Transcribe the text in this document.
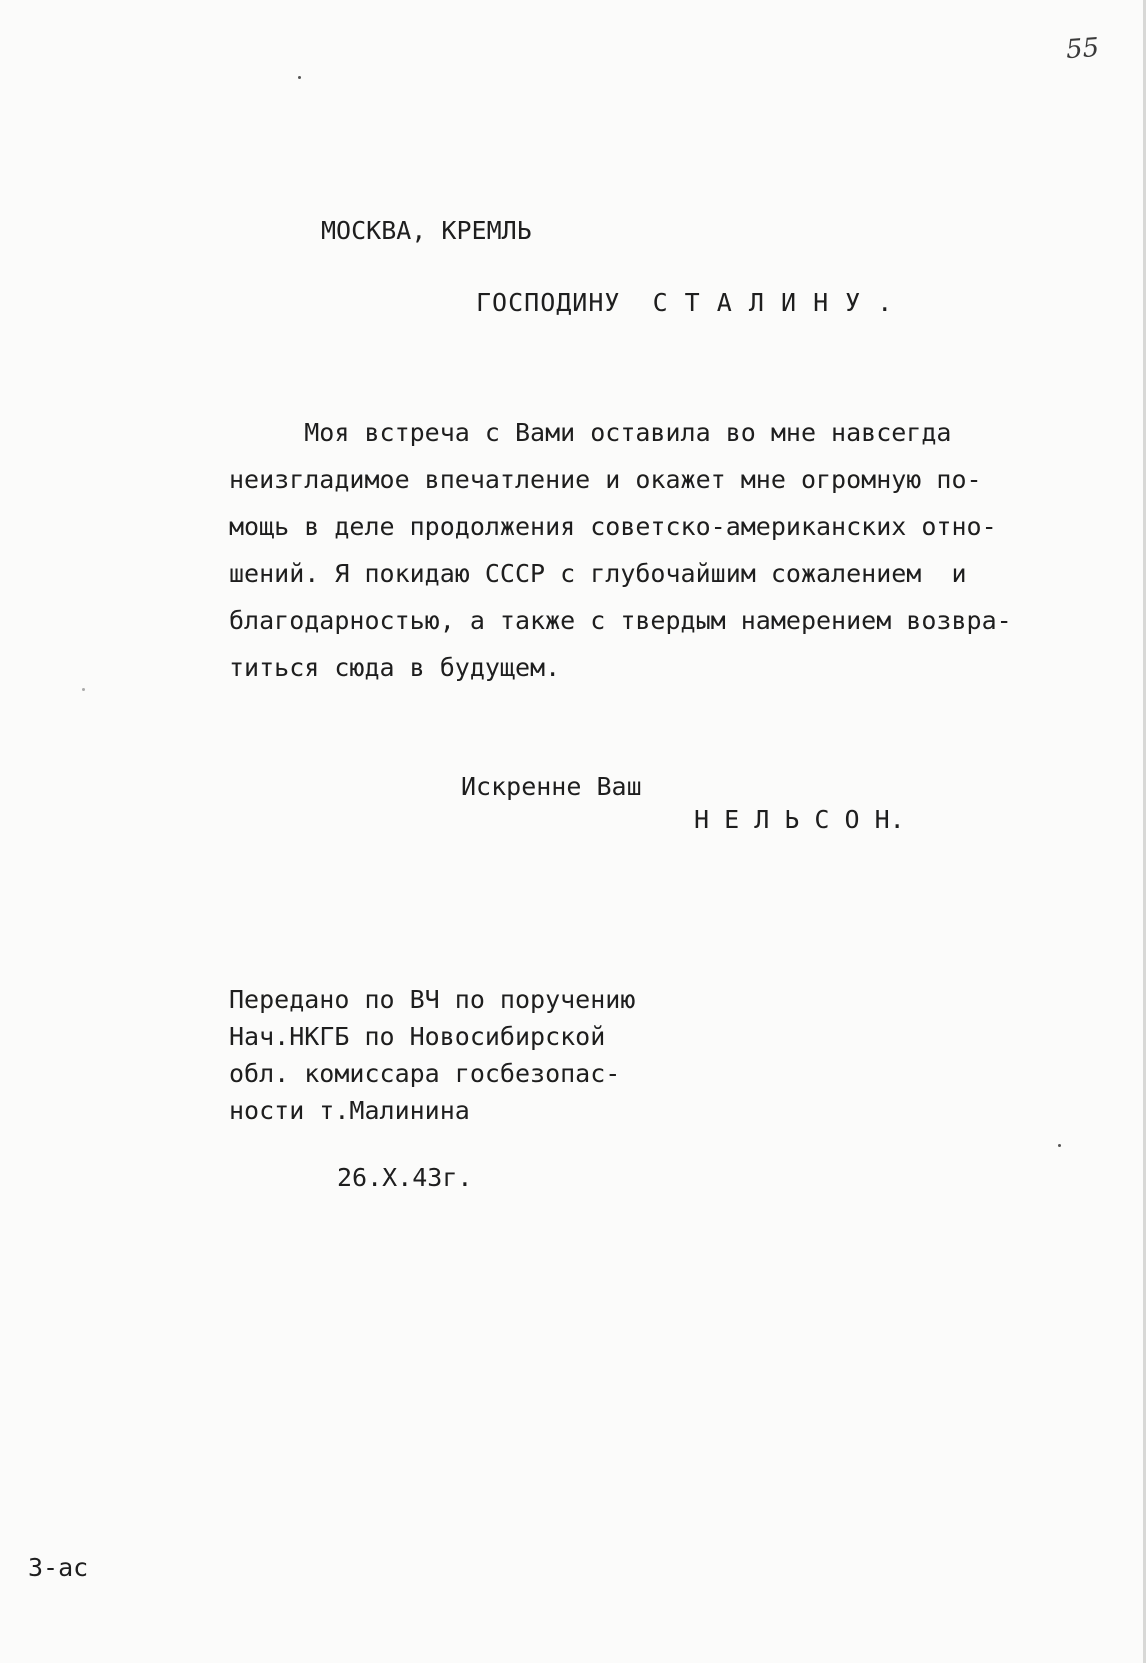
55
МОСКВА, КРЕМЛЬ
ГОСПОДИНУ  С Т А Л И Н У .

Моя встреча с Вами оставила во мне навсегда

неизгладимое впечатление и окажет мне огромную по-

мощь в деле продолжения советско-американских отно-

шений. Я покидаю СССР с глубочайшим сожалением  и

благодарностью, а также с твердым намерением возвра-

титься сюда в будущем.

Искренне Ваш
Н Е Л Ь С О Н.

Передано по ВЧ по поручению

Нач.НКГБ по Новосибирской

обл. комиссара госбезопас-

ности т.Малинина

26.Х.43г.
3-ас
